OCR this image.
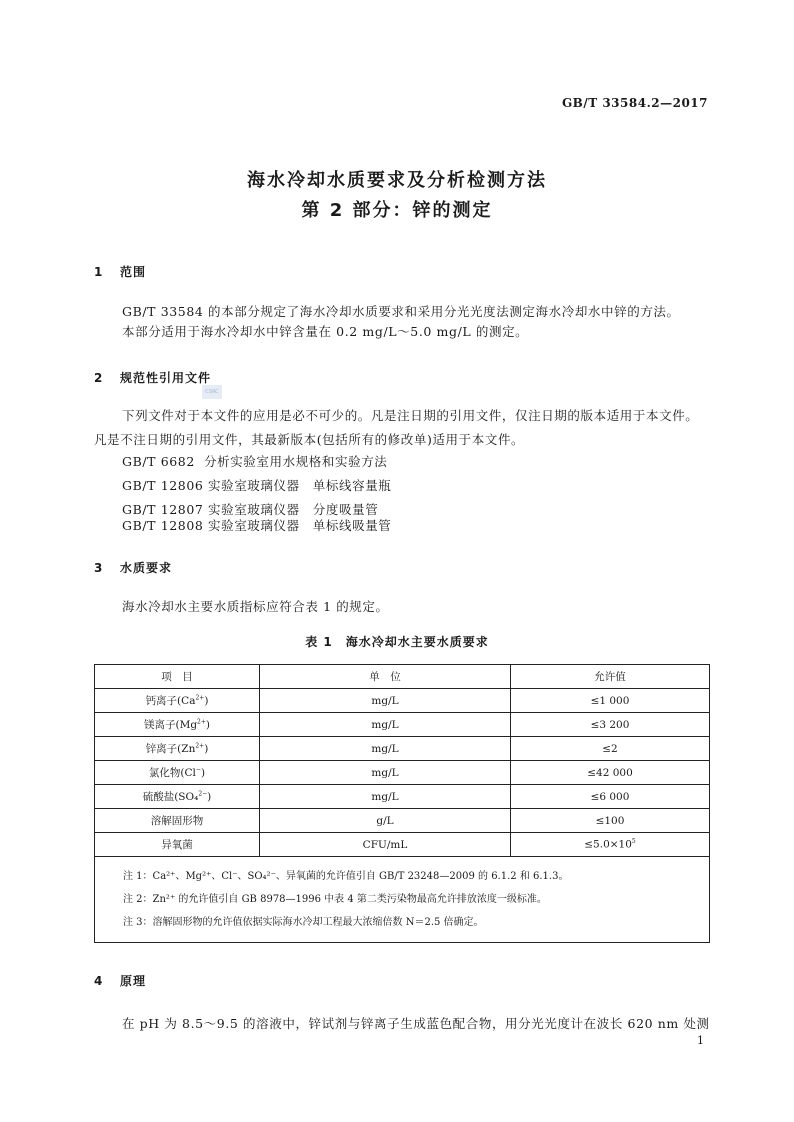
GB/T 33584.2—2017
海水冷却水质要求及分析检测方法
第 2 部分：锌的测定
1 范围
GB/T 33584 的本部分规定了海水冷却水质要求和采用分光光度法测定海水冷却水中锌的方法。
本部分适用于海水冷却水中锌含量在 0.2 mg/L～5.0 mg/L 的测定。
2 规范性引用文件
CSRC
下列文件对于本文件的应用是必不可少的。凡是注日期的引用文件，仅注日期的版本适用于本文件。凡是不注日期的引用文件，其最新版本(包括所有的修改单)适用于本文件。
GB/T 6682 分析实验室用水规格和实验方法
GB/T 12806 实验室玻璃仪器　单标线容量瓶
GB/T 12807 实验室玻璃仪器　分度吸量管
GB/T 12808 实验室玻璃仪器　单标线吸量管
3 水质要求
海水冷却水主要水质指标应符合表 1 的规定。
表 1　海水冷却水主要水质要求
项　目	单　位	允许值
钙离子$(Ca^{2+})$	mg/L	≤1 000
镁离子$(Mg^{2+})$	mg/L	≤3 200
锌离子$(Zn^{2+})$	mg/L	≤2
氯化物(Cl−)	mg/L	≤42 000
硫酸盐(SO₄$^{2-}$)	mg/L	≤6 000
溶解固形物	g/L	≤100
异氧菌	CFU/mL	$\le 5.0\times 10^5$

注 1：Ca²⁺、Mg²⁺、Cl⁻、SO₄²⁻、异氧菌的允许值引自 GB/T 23248—2009 的 6.1.2 和 6.1.3。
注 2：Zn²⁺ 的允许值引自 GB 8978—1996 中表 4 第二类污染物最高允许排放浓度一级标准。
注 3：溶解固形物的允许值依据实际海水冷却工程最大浓缩倍数 N＝2.5 倍确定。		
4 原理
在 pH 为 8.5～9.5 的溶液中，锌试剂与锌离子生成蓝色配合物，用分光光度计在波长 620 nm 处测
1
